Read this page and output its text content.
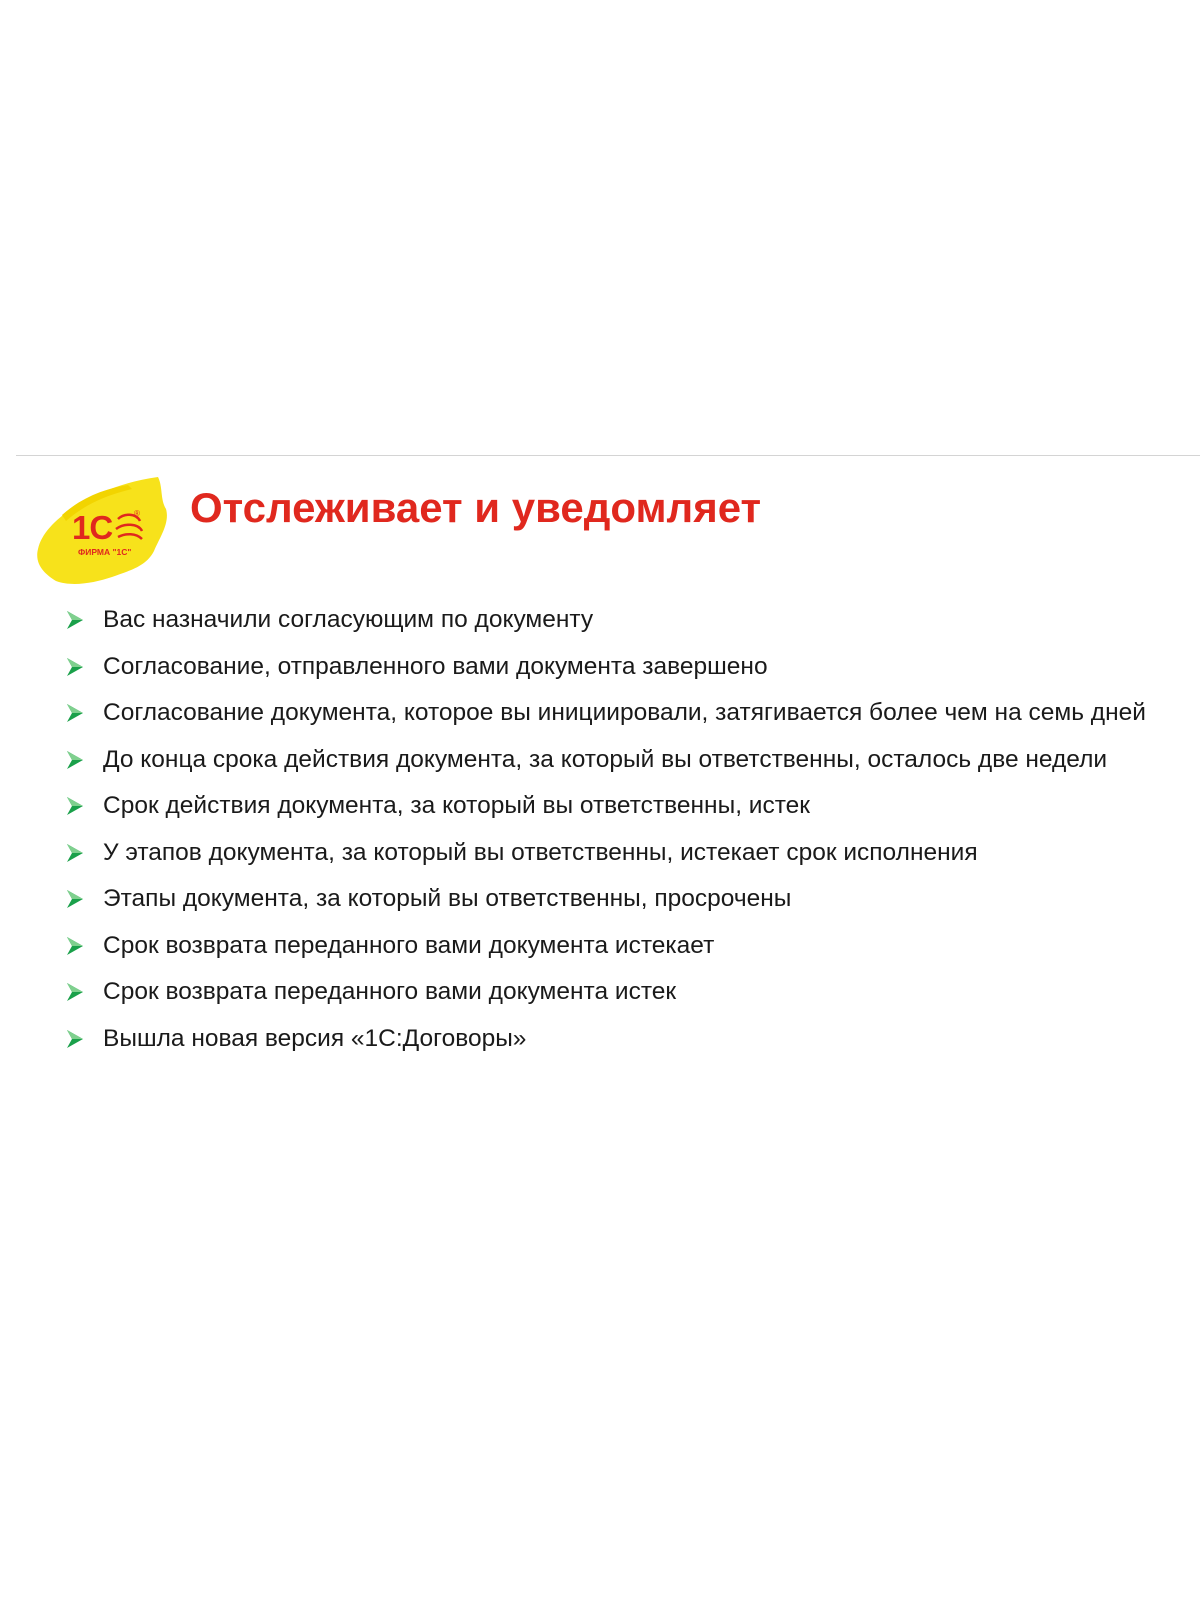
1С	®
ФИРМА "1С"
Отслеживает и уведомляет
Вас назначили согласующим по документу
Согласование, отправленного вами документа завершено
Согласование документа, которое вы инициировали, затягивается более чем на семь дней
До конца срока действия документа, за который вы ответственны, осталось две недели
Срок действия документа, за который вы ответственны, истек
У этапов документа, за который вы ответственны, истекает срок исполнения
Этапы документа, за который вы ответственны, просрочены
Срок возврата переданного вами документа истекает
Срок возврата переданного вами документа истек
Вышла новая версия «1С:Договоры»
